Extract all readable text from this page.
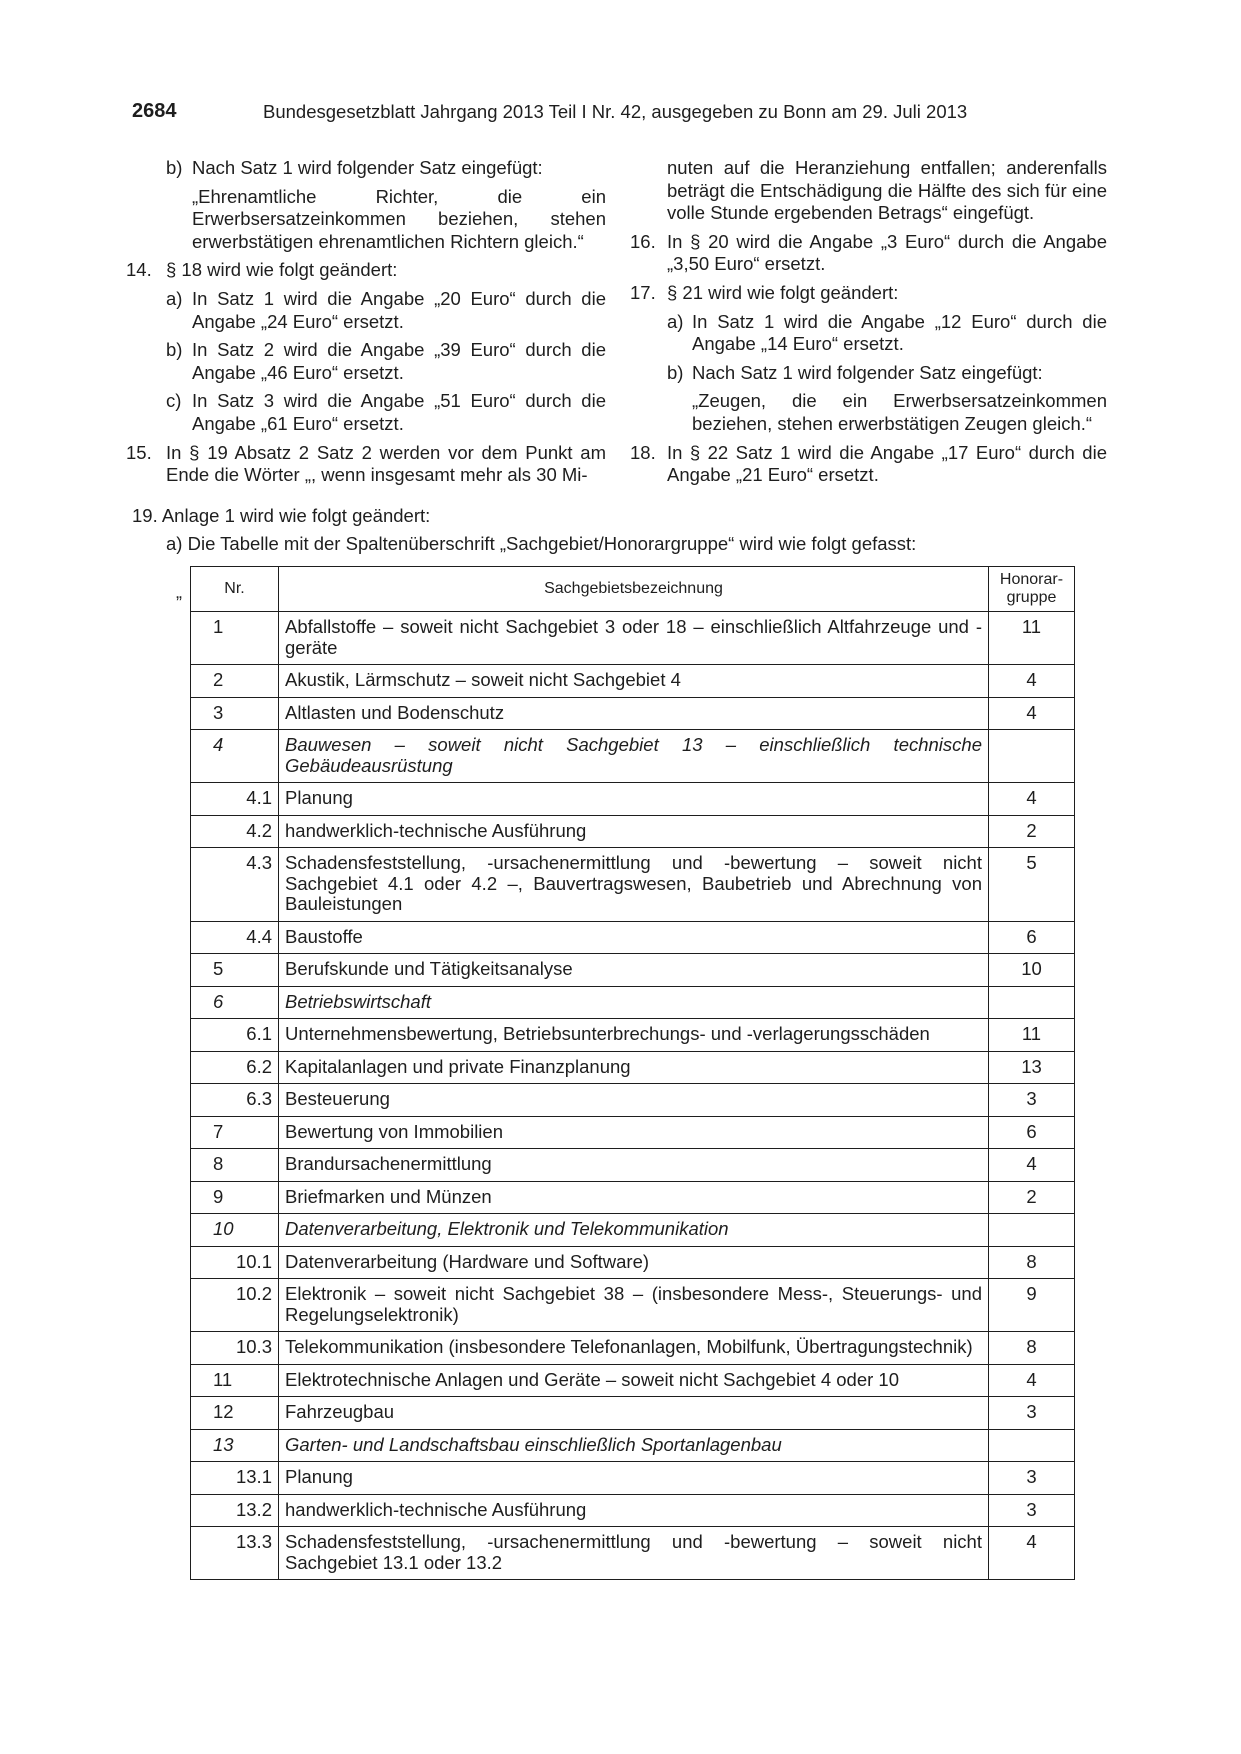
2684	Bundesgesetzblatt Jahrgang 2013 Teil I Nr. 42, ausgegeben zu Bonn am 29. Juli 2013
b) Nach Satz 1 wird folgender Satz eingefügt:
„Ehrenamtliche Richter, die ein Erwerbsersatzeinkommen beziehen, stehen erwerbstätigen ehrenamtlichen Richtern gleich.“
14. § 18 wird wie folgt geändert:
a) In Satz 1 wird die Angabe „20 Euro“ durch die Angabe „24 Euro“ ersetzt.
b) In Satz 2 wird die Angabe „39 Euro“ durch die Angabe „46 Euro“ ersetzt.
c) In Satz 3 wird die Angabe „51 Euro“ durch die Angabe „61 Euro“ ersetzt.
15. In § 19 Absatz 2 Satz 2 werden vor dem Punkt am Ende die Wörter „, wenn insgesamt mehr als 30 Mi-
nuten auf die Heranziehung entfallen; anderenfalls beträgt die Entschädigung die Hälfte des sich für eine volle Stunde ergebenden Betrags“ eingefügt.
16. In § 20 wird die Angabe „3 Euro“ durch die Angabe „3,50 Euro“ ersetzt.
17. § 21 wird wie folgt geändert:
a) In Satz 1 wird die Angabe „12 Euro“ durch die Angabe „14 Euro“ ersetzt.
b) Nach Satz 1 wird folgender Satz eingefügt:
„Zeugen, die ein Erwerbsersatzeinkommen beziehen, stehen erwerbstätigen Zeugen gleich.“
18. In § 22 Satz 1 wird die Angabe „17 Euro“ durch die Angabe „21 Euro“ ersetzt.
19. Anlage 1 wird wie folgt geändert:
a) Die Tabelle mit der Spaltenüberschrift „Sachgebiet/Honorargruppe“ wird wie folgt gefasst:
„	Nr.	Sachgebietsbezeichnung	Honorar-
gruppe
1	Abfallstoffe – soweit nicht Sachgebiet 3 oder 18 – einschließlich Altfahrzeuge und -geräte	11
2	Akustik, Lärmschutz – soweit nicht Sachgebiet 4	4
3	Altlasten und Bodenschutz	4
4	Bauwesen – soweit nicht Sachgebiet 13 – einschließlich technische Gebäudeausrüstung	
4.1	Planung	4
4.2	handwerklich-technische Ausführung	2
4.3	Schadensfeststellung, -ursachenermittlung und -bewertung – soweit nicht Sachgebiet 4.1 oder 4.2 –, Bauvertragswesen, Baubetrieb und Abrechnung von Bauleistungen	5
4.4	Baustoffe	6
5	Berufskunde und Tätigkeitsanalyse	10
6	Betriebswirtschaft	
6.1	Unternehmensbewertung, Betriebsunterbrechungs- und -verlagerungsschäden	11
6.2	Kapitalanlagen und private Finanzplanung	13
6.3	Besteuerung	3
7	Bewertung von Immobilien	6
8	Brandursachenermittlung	4
9	Briefmarken und Münzen	2
10	Datenverarbeitung, Elektronik und Telekommunikation	
10.1	Datenverarbeitung (Hardware und Software)	8
10.2	Elektronik – soweit nicht Sachgebiet 38 – (insbesondere Mess-, Steuerungs- und Regelungselektronik)	9
10.3	Telekommunikation (insbesondere Telefonanlagen, Mobilfunk, Übertragungstechnik)	8
11	Elektrotechnische Anlagen und Geräte – soweit nicht Sachgebiet 4 oder 10	4
12	Fahrzeugbau	3
13	Garten- und Landschaftsbau einschließlich Sportanlagenbau	
13.1	Planung	3
13.2	handwerklich-technische Ausführung	3
13.3	Schadensfeststellung, -ursachenermittlung und -bewertung – soweit nicht Sachgebiet 13.1 oder 13.2	4
